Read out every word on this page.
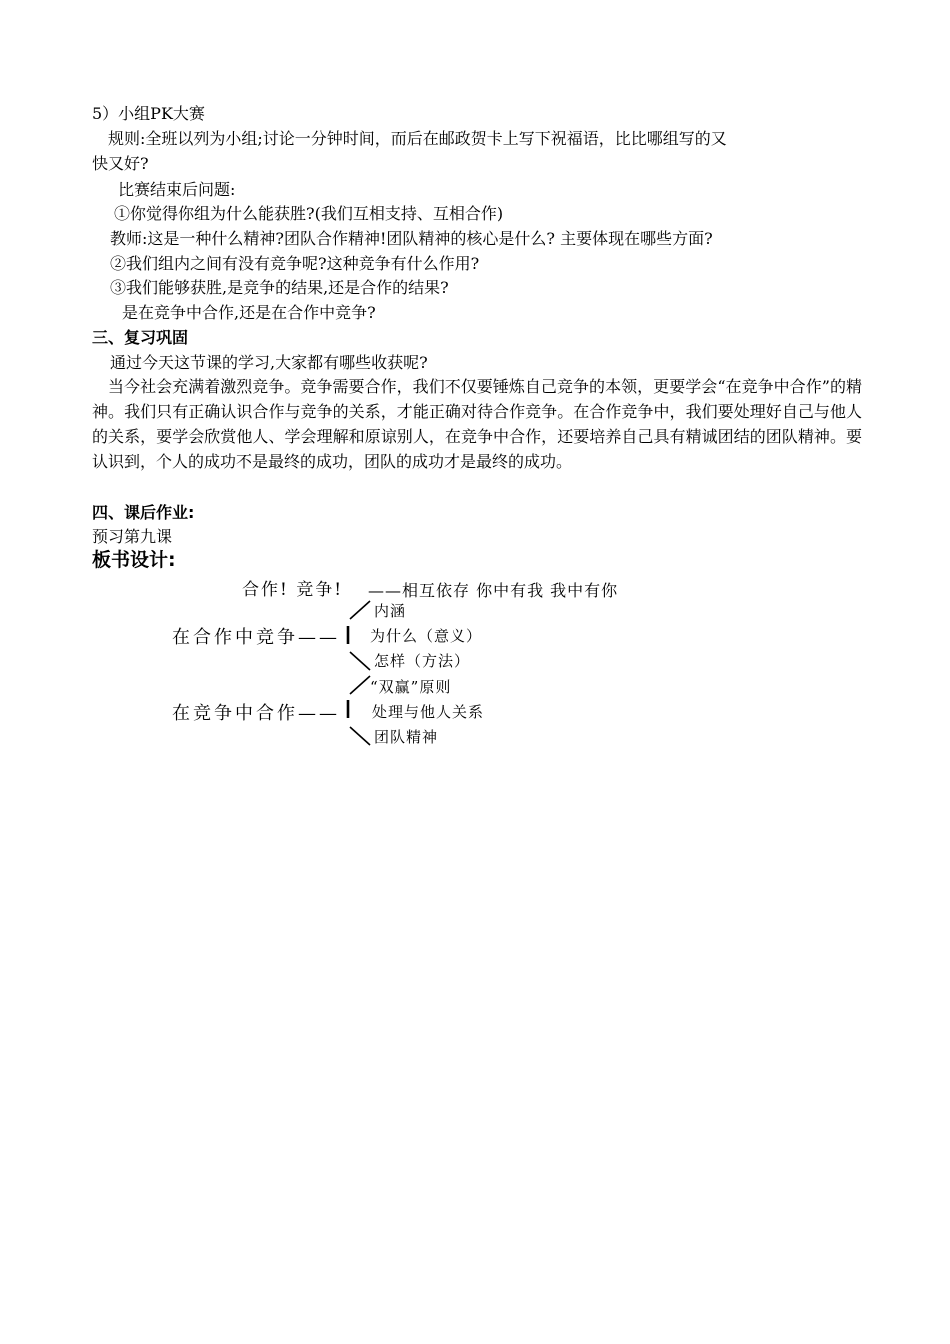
5）小组PK大赛
规则:全班以列为小组;讨论一分钟时间，而后在邮政贺卡上写下祝福语，比比哪组写的又
快又好?
比赛结束后问题:
①你觉得你组为什么能获胜?(我们互相支持、互相合作)
教师:这是一种什么精神?团队合作精神!团队精神的核心是什么? 主要体现在哪些方面?
②我们组内之间有没有竞争呢?这种竞争有什么作用?
③我们能够获胜,是竞争的结果,还是合作的结果?
是在竞争中合作,还是在合作中竞争?
三、复习巩固
通过今天这节课的学习,大家都有哪些收获呢?
当今社会充满着激烈竞争。竞争需要合作，我们不仅要锤炼自己竞争的本领，更要学会“在竞争中合作”的精神。我们只有正确认识合作与竞争的关系，才能正确对待合作竞争。在合作竞争中，我们要处理好自己与他人的关系，要学会欣赏他人、学会理解和原谅别人，在竞争中合作，还要培养自己具有精诚团结的团队精神。要认识到，个人的成功不是最终的成功，团队的成功才是最终的成功。
四、课后作业:
预习第九课
板书设计:
合作! 竞争! ——相互依存 你中有我 我中有你
在合作中竞争——
内涵
为什么（意义）
怎样（方法）
在竞争中合作——
“双赢”原则
处理与他人关系
团队精神
